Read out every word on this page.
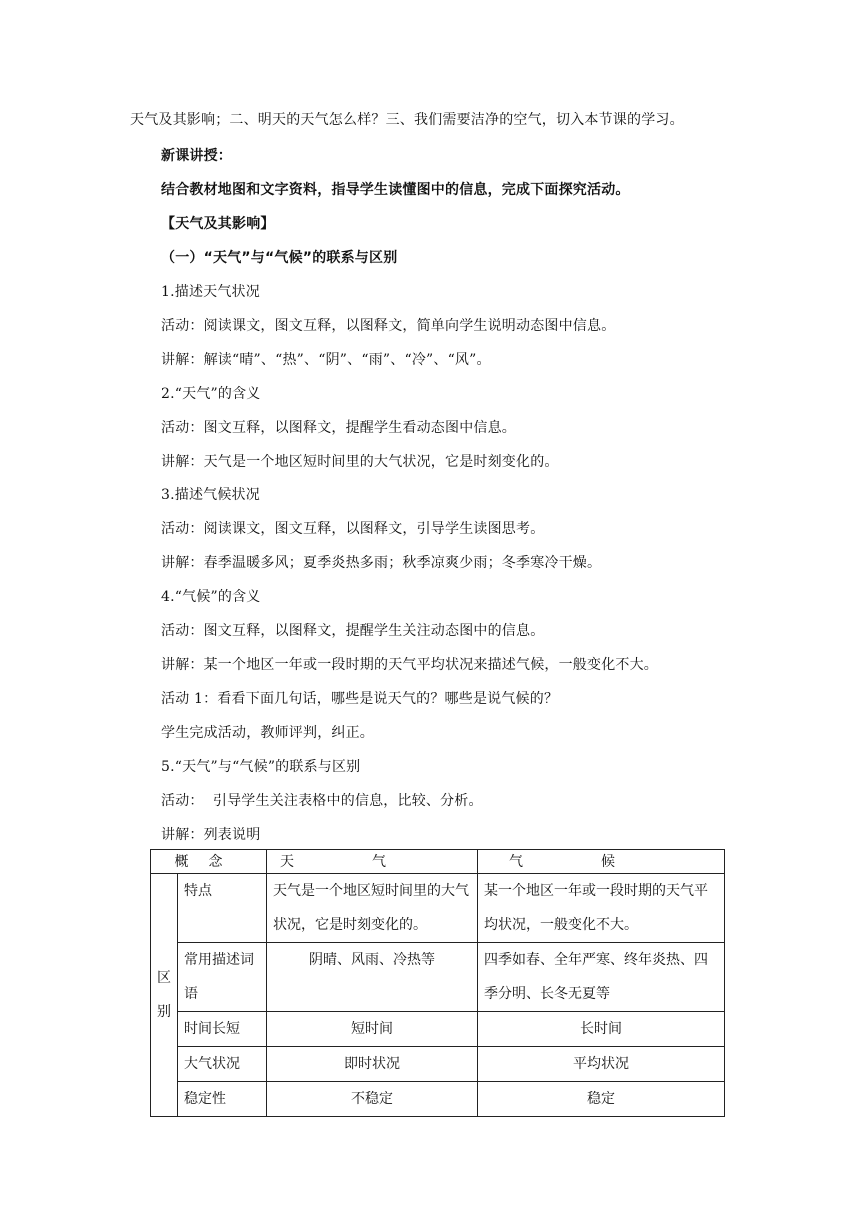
天气及其影响；二、明天的天气怎么样？三、我们需要洁净的空气，切入本节课的学习。
新课讲授：
结合教材地图和文字资料，指导学生读懂图中的信息，完成下面探究活动。
【天气及其影响】
（一）“天气”与“气候”的联系与区别
1.描述天气状况
活动：阅读课文，图文互释，以图释文，简单向学生说明动态图中信息。
讲解：解读“晴”、“热”、“阴”、“雨”、“冷”、“风”。
2.“天气”的含义
活动：图文互释，以图释文，提醒学生看动态图中信息。
讲解：天气是一个地区短时间里的大气状况，它是时刻变化的。
3.描述气候状况
活动：阅读课文，图文互释，以图释文，引导学生读图思考。
讲解：春季温暖多风；夏季炎热多雨；秋季凉爽少雨；冬季寒冷干燥。
4.“气候”的含义
活动：图文互释，以图释文，提醒学生关注动态图中的信息。
讲解：某一个地区一年或一段时期的天气平均状况来描述气候，一般变化不大。
活动 1：看看下面几句话，哪些是说天气的？哪些是说气候的？
学生完成活动，教师评判，纠正。
5.“天气”与“气候”的联系与区别
活动：  引导学生关注表格中的信息，比较、分析。
讲解：列表说明
概念		天气	气候
区
别	特点	天气是一个地区短时间里的大气状况，它是时刻变化的。	某一个地区一年或一段时期的天气平均状况，一般变化不大。
	常用描述词语	阴晴、风雨、冷热等	四季如春、全年严寒、终年炎热、四季分明、长冬无夏等
	时间长短	短时间	长时间
	大气状况	即时状况	平均状况
	稳定性	不稳定	稳定
